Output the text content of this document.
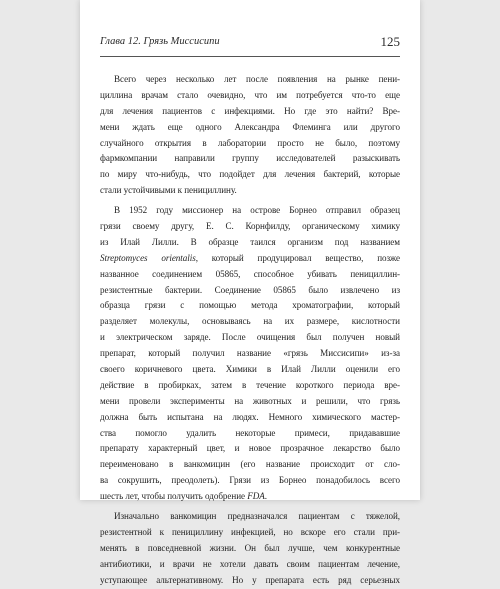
Глава 12. Грязь Миссисипи	125
Всего через несколько лет после появления на рынке пени-
циллина врачам стало очевидно, что им потребуется что-то еще
для лечения пациентов с инфекциями. Но где это найти? Вре-
мени ждать еще одного Александра Флеминга или другого
случайного открытия в лаборатории просто не было, поэтому
фармкомпании направили группу исследователей разыскивать
по миру что-нибудь, что подойдет для лечения бактерий, которые
стали устойчивыми к пенициллину.
В 1952 году миссионер на острове Борнео отправил образец
грязи своему другу, Е. С. Корнфилду, органическому химику
из Илай Лилли. В образце таился организм под названием
Streptomyces orientalis, который продуцировал вещество, позже
названное соединением 05865, способное убивать пенициллин-
резистентные бактерии. Соединение 05865 было извлечено из
образца грязи с помощью метода хроматографии, который
разделяет молекулы, основываясь на их размере, кислотности
и электрическом заряде. После очищения был получен новый
препарат, который получил название «грязь Миссисипи» из-за
своего коричневого цвета. Химики в Илай Лилли оценили его
действие в пробирках, затем в течение короткого периода вре-
мени провели эксперименты на животных и решили, что грязь
должна быть испытана на людях. Немного химического мастер-
ства помогло удалить некоторые примеси, придававшие
препарату характерный цвет, и новое прозрачное лекарство было
переименовано в ванкомицин (его название происходит от сло-
ва сокрушить, преодолеть). Грязи из Борнео понадобилось всего
шесть лет, чтобы получить одобрение FDA.
Изначально ванкомицин предназначался пациентам с тяжелой,
резистентной к пенициллину инфекцией, но вскоре его стали при-
менять в повседневной жизни. Он был лучше, чем конкурентные
антибиотики, и врачи не хотели давать своим пациентам лечение,
уступающее альтернативному. Но у препарата есть ряд серьезных
